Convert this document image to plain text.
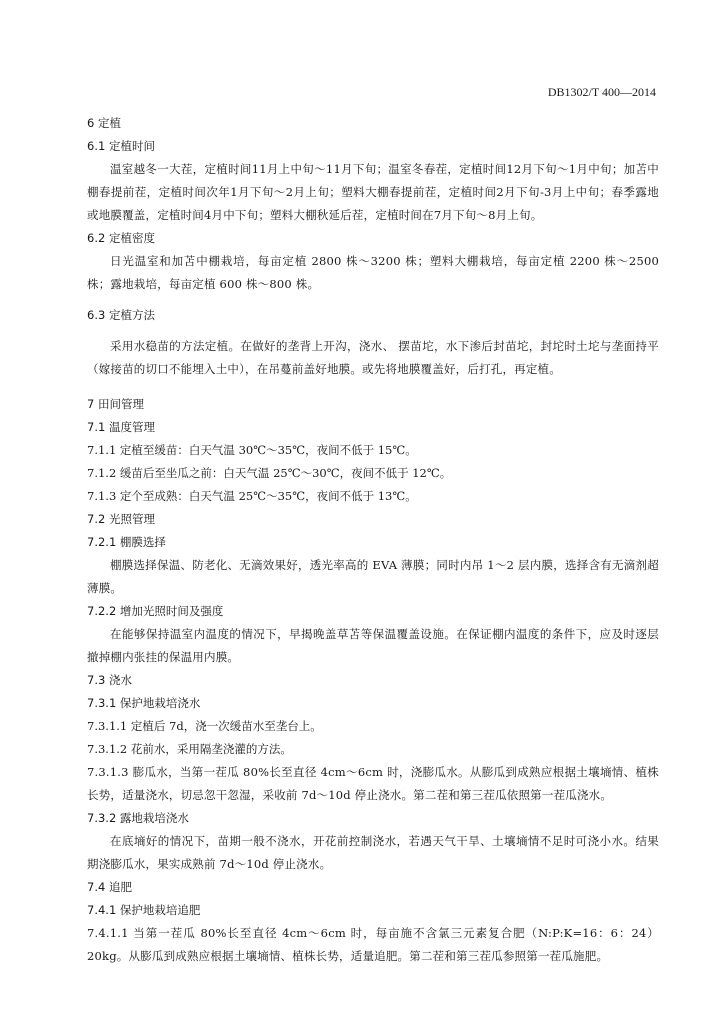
DB1302/T 400—2014
6 定植
6.1 定植时间
温室越冬一大茬，定植时间11月上中旬～11月下旬；温室冬春茬，定植时间12月下旬～1月中旬；加苫中棚春提前茬，定植时间次年1月下旬～2月上旬；塑料大棚春提前茬，定植时间2月下旬-3月上中旬；春季露地或地膜覆盖，定植时间4月中下旬；塑料大棚秋延后茬，定植时间在7月下旬～8月上旬。
6.2 定植密度
日光温室和加苫中棚栽培，每亩定植 2800 株～3200 株；塑料大棚栽培，每亩定植 2200 株～2500 株；露地栽培，每亩定植 600 株～800 株。
6.3 定植方法
采用水稳苗的方法定植。在做好的垄背上开沟，浇水、 摆苗坨，水下渗后封苗坨，封坨时土坨与垄面持平（嫁接苗的切口不能埋入土中），在吊蔓前盖好地膜。或先将地膜覆盖好，后打孔，再定植。
7 田间管理
7.1 温度管理
7.1.1 定植至缓苗：白天气温 30℃～35℃，夜间不低于 15℃。
7.1.2 缓苗后至坐瓜之前：白天气温 25℃～30℃，夜间不低于 12℃。
7.1.3 定个至成熟：白天气温 25℃～35℃，夜间不低于 13℃。
7.2 光照管理
7.2.1 棚膜选择
棚膜选择保温、防老化、无滴效果好，透光率高的 EVA 薄膜；同时内吊 1～2 层内膜，选择含有无滴剂超薄膜。
7.2.2 增加光照时间及强度
在能够保持温室内温度的情况下，早揭晚盖草苫等保温覆盖设施。在保证棚内温度的条件下，应及时逐层撤掉棚内张挂的保温用内膜。
7.3 浇水
7.3.1 保护地栽培浇水
7.3.1.1 定植后 7d，浇一次缓苗水至垄台上。
7.3.1.2 花前水，采用隔垄浇灌的方法。
7.3.1.3 膨瓜水，当第一茬瓜 80%长至直径 4cm～6cm 时，浇膨瓜水。从膨瓜到成熟应根据土壤墒情、植株长势，适量浇水，切忌忽干忽湿，采收前 7d～10d 停止浇水。第二茬和第三茬瓜依照第一茬瓜浇水。
7.3.2 露地栽培浇水
在底墒好的情况下，苗期一般不浇水，开花前控制浇水，若遇天气干旱、土壤墒情不足时可浇小水。结果期浇膨瓜水，果实成熟前 7d～10d 停止浇水。
7.4 追肥
7.4.1 保护地栽培追肥
7.4.1.1 当第一茬瓜 80%长至直径 4cm～6cm 时，每亩施不含氯三元素复合肥（N:P:K=16：6：24）20kg。从膨瓜到成熟应根据土壤墒情、植株长势，适量追肥。第二茬和第三茬瓜参照第一茬瓜施肥。
